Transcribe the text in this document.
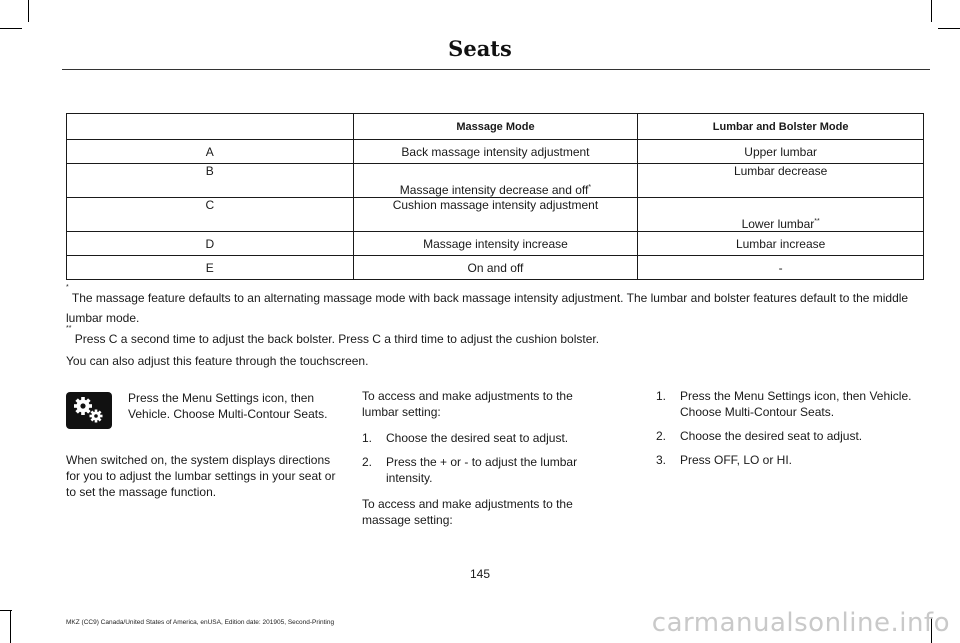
Seats
	Massage Mode	Lumbar and Bolster Mode
A	Back massage intensity adjustment	Upper lumbar
B	Massage intensity decrease and off*	Lumbar decrease
C	Cushion massage intensity adjustment	Lower lumbar**
D	Massage intensity increase	Lumbar increase
E	On and off	-

* The massage feature defaults to an alternating massage mode with back massage intensity adjustment. The lumbar and bolster features default to the middle lumbar mode.

** Press C a second time to adjust the back bolster. Press C a third time to adjust the cushion bolster.

You can also adjust this feature through the touchscreen.

Press the Menu Settings icon, then Vehicle. Choose Multi-Contour Seats.

When switched on, the system displays directions for you to adjust the lumbar settings in your seat or to set the massage function.

To access and make adjustments to the lumbar setting:

1. Choose the desired seat to adjust.
2. Press the + or - to adjust the lumbar intensity.

To access and make adjustments to the massage setting:

1. Press the Menu Settings icon, then Vehicle. Choose Multi-Contour Seats.
2. Choose the desired seat to adjust.
3. Press OFF, LO or HI.
145
MKZ (CC9) Canada/United States of America, enUSA, Edition date: 201905, Second-Printing	carmanualsonline.info
